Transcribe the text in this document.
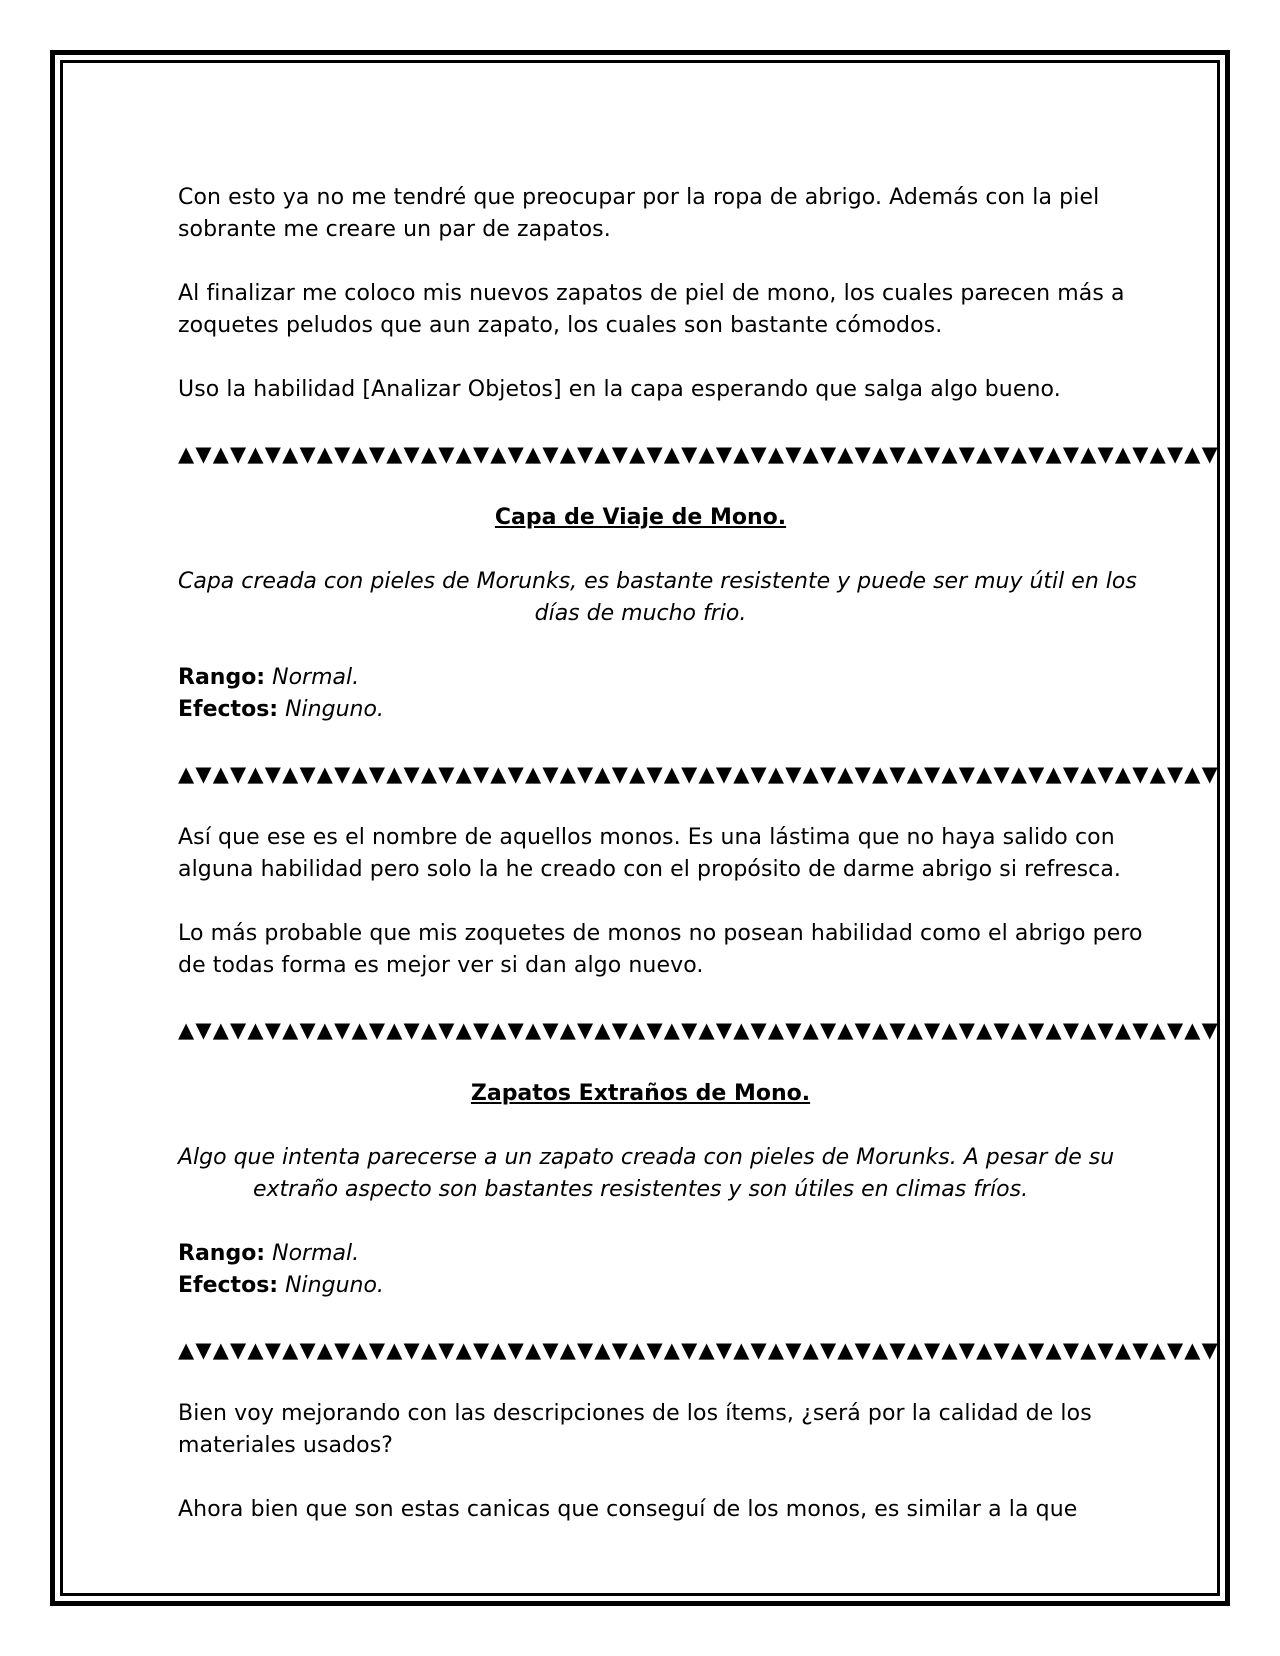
Con esto ya no me tendré que preocupar por la ropa de abrigo. Además con la piel
sobrante me creare un par de zapatos.

Al finalizar me coloco mis nuevos zapatos de piel de mono, los cuales parecen más a
zoquetes peludos que aun zapato, los cuales son bastante cómodos.

Uso la habilidad [Analizar Objetos] en la capa esperando que salga algo bueno.

▲▼▲▼▲▼▲▼▲▼▲▼▲▼▲▼▲▼▲▼▲▼▲▼▲▼▲▼▲▼▲▼▲▼▲▼▲▼▲▼▲▼▲▼▲▼▲▼▲▼▲▼▲▼▲▼▲▼▲▼
Capa de Viaje de Mono.
Capa creada con pieles de Morunks, es bastante resistente y puede ser muy útil en los
días de mucho frio.
Rango: Normal.
Efectos: Ninguno.
▲▼▲▼▲▼▲▼▲▼▲▼▲▼▲▼▲▼▲▼▲▼▲▼▲▼▲▼▲▼▲▼▲▼▲▼▲▼▲▼▲▼▲▼▲▼▲▼▲▼▲▼▲▼▲▼▲▼▲▼

Así que ese es el nombre de aquellos monos. Es una lástima que no haya salido con
alguna habilidad pero solo la he creado con el propósito de darme abrigo si refresca.

Lo más probable que mis zoquetes de monos no posean habilidad como el abrigo pero
de todas forma es mejor ver si dan algo nuevo.

▲▼▲▼▲▼▲▼▲▼▲▼▲▼▲▼▲▼▲▼▲▼▲▼▲▼▲▼▲▼▲▼▲▼▲▼▲▼▲▼▲▼▲▼▲▼▲▼▲▼▲▼▲▼▲▼▲▼▲▼
Zapatos Extraños de Mono.
Algo que intenta parecerse a un zapato creada con pieles de Morunks. A pesar de su
extraño aspecto son bastantes resistentes y son útiles en climas fríos.
Rango: Normal.
Efectos: Ninguno.
▲▼▲▼▲▼▲▼▲▼▲▼▲▼▲▼▲▼▲▼▲▼▲▼▲▼▲▼▲▼▲▼▲▼▲▼▲▼▲▼▲▼▲▼▲▼▲▼▲▼▲▼▲▼▲▼▲▼▲▼

Bien voy mejorando con las descripciones de los ítems, ¿será por la calidad de los
materiales usados?

Ahora bien que son estas canicas que conseguí de los monos, es similar a la que
